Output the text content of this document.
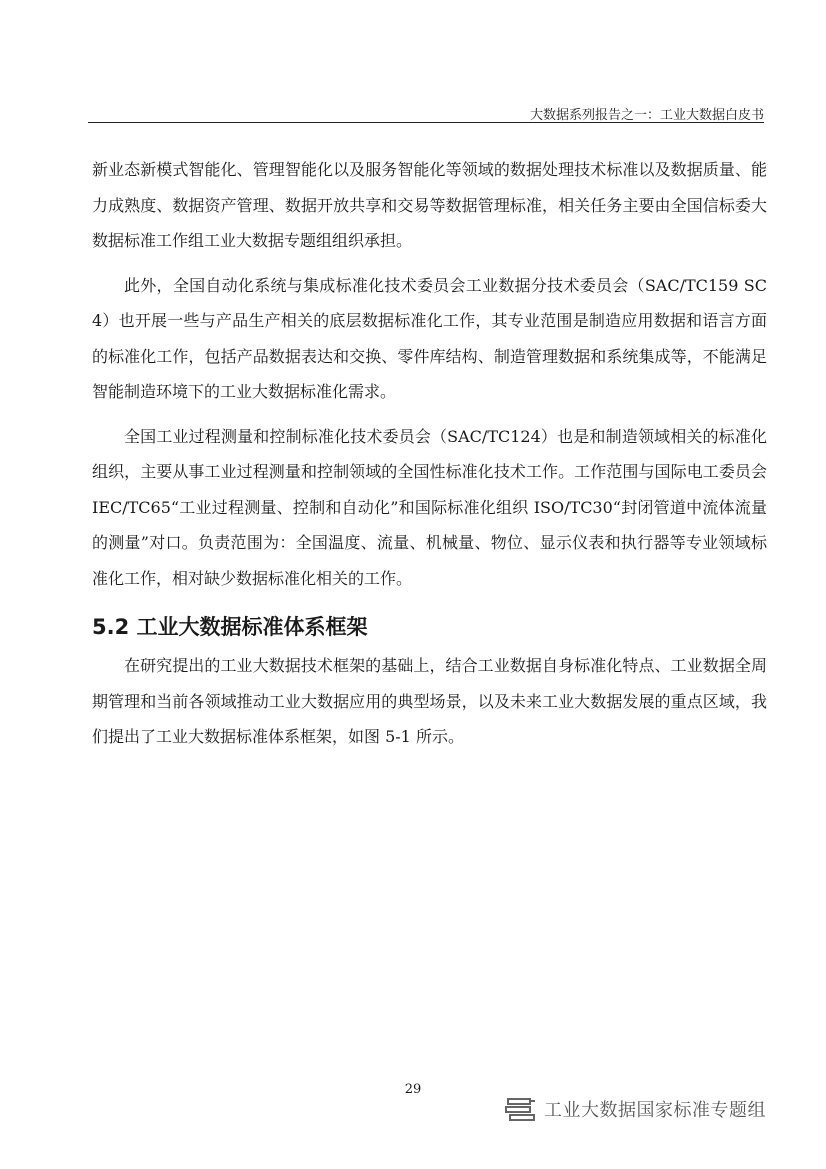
大数据系列报告之一：工业大数据白皮书

新业态新模式智能化、管理智能化以及服务智能化等领域的数据处理技术标准以及数据质量、能力成熟度、数据资产管理、数据开放共享和交易等数据管理标准，相关任务主要由全国信标委大数据标准工作组工业大数据专题组组织承担。

此外，全国自动化系统与集成标准化技术委员会工业数据分技术委员会（SAC/TC159 SC4）也开展一些与产品生产相关的底层数据标准化工作，其专业范围是制造应用数据和语言方面的标准化工作，包括产品数据表达和交换、零件库结构、制造管理数据和系统集成等，不能满足智能制造环境下的工业大数据标准化需求。

全国工业过程测量和控制标准化技术委员会（SAC/TC124）也是和制造领域相关的标准化组织，主要从事工业过程测量和控制领域的全国性标准化技术工作。工作范围与国际电工委员会 IEC/TC65“工业过程测量、控制和自动化”和国际标准化组织 ISO/TC30“封闭管道中流体流量的测量”对口。负责范围为：全国温度、流量、机械量、物位、显示仪表和执行器等专业领域标准化工作，相对缺少数据标准化相关的工作。

5.2 工业大数据标准体系框架

在研究提出的工业大数据技术框架的基础上，结合工业数据自身标准化特点、工业数据全周期管理和当前各领域推动工业大数据应用的典型场景，以及未来工业大数据发展的重点区域，我们提出了工业大数据标准体系框架，如图 5-1 所示。

29
工业大数据国家标准专题组
